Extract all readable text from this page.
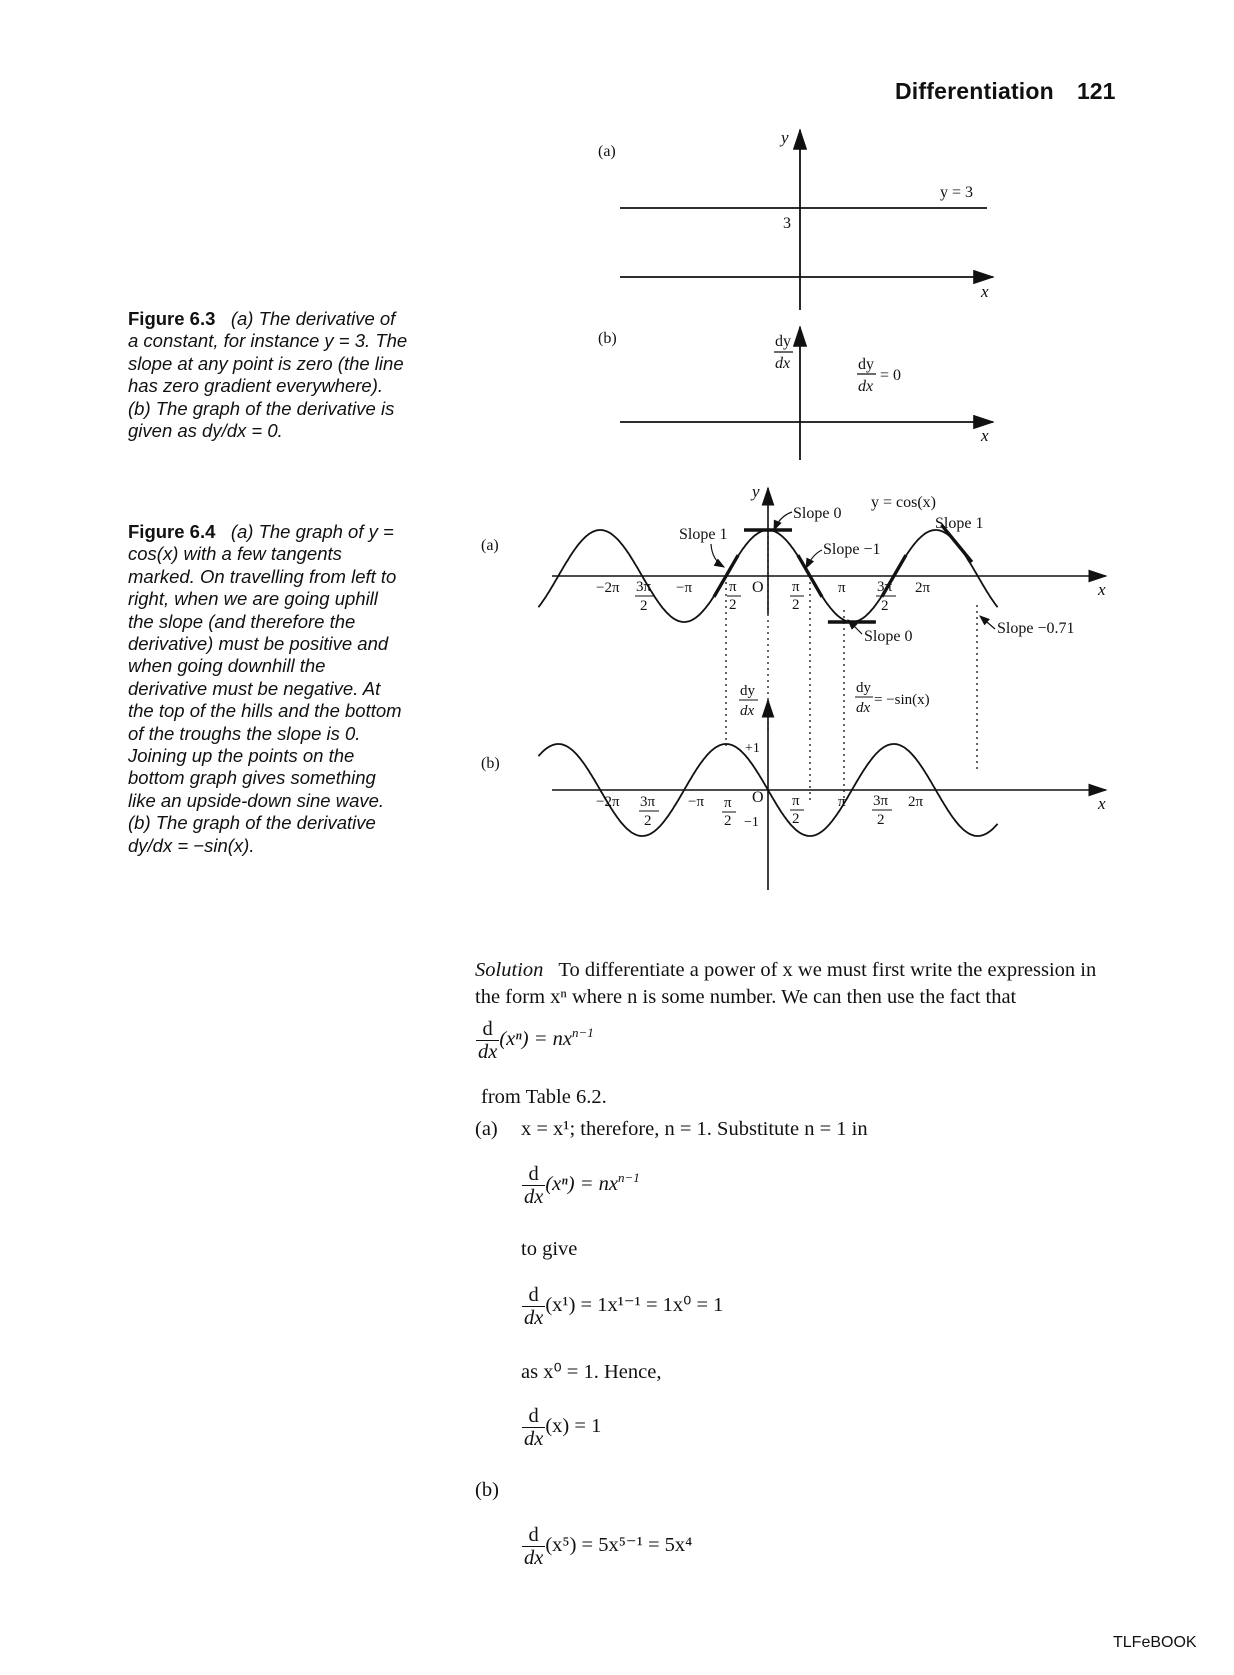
Differentiation 121
Figure 6.3 (a) The derivative of a constant, for instance y = 3. The slope at any point is zero (the line has zero gradient everywhere). (b) The graph of the derivative is given as dy/dx = 0.
Figure 6.4 (a) The graph of y = cos(x) with a few tangents marked. On travelling from left to right, when we are going uphill the slope (and therefore the derivative) must be positive and when going downhill the derivative must be negative. At the top of the hills and the bottom of the troughs the slope is 0. Joining up the points on the bottom graph gives something like an upside-down sine wave. (b) The graph of the derivative dy/dx = −sin(x).
(a)
y
x
y = 3
3
(b)	dy
dx
x
dy
dx
= 0
(a)
x
y
O
y = cos(x)
Slope 1
Slope 0
Slope −1
Slope 1
Slope 0	Slope −0.71
−2π 3π
2
−π π
2
π
2
π 3π
2
2π
(b)
x
dy
dx
+1
−1
O
dy
dx = −sin(x)
−2π 3π
2
−π π
2
π
2
π 3π
2
2π
Solution To differentiate a power of x we must first write the expression in the form xⁿ where n is some number. We can then use the fact that
$\frac{d}{dx} (x^n) = nx^{n-1}$
from Table 6.2.
(a) x = x¹; therefore, n = 1. Substitute n = 1 in
$\frac{d}{dx} (x^n) = nx^{n-1}$
to give
$\frac{d}{dx} (x^1) = 1x^{1-1} = 1x^0 = 1$
as x⁰ = 1. Hence,
$\frac{d}{dx} (x) = 1$
(b)
$\frac{d}{dx} (x^5) = 5x^{5-1} = 5x^4$
TLFeBOOK
